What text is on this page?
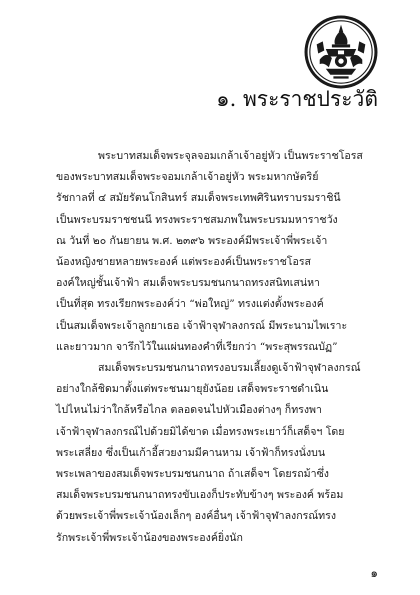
๑. พระราชประวัติ

พระบาทสมเด็จพระจุลจอมเกล้าเจ้าอยู่หัว เป็นพระราชโอรส
ของพระบาทสมเด็จพระจอมเกล้าเจ้าอยู่หัว พระมหากษัตริย์
รัชกาลที่ ๔ สมัยรัตนโกสินทร์ สมเด็จพระเทพศิรินทราบรมราชินี
เป็นพระบรมราชชนนี ทรงพระราชสมภพในพระบรมมหาราชวัง
ณ วันที่ ๒๐ กันยายน พ.ศ. ๒๓๙๖ พระองค์มีพระเจ้าพี่พระเจ้า
น้องหญิงชายหลายพระองค์ แต่พระองค์เป็นพระราชโอรส
องค์ใหญ่ชั้นเจ้าฟ้า สมเด็จพระบรมชนกนาถทรงสนิทเสน่หา
เป็นที่สุด ทรงเรียกพระองค์ว่า “พ่อใหญ่” ทรงแต่งตั้งพระองค์
เป็นสมเด็จพระเจ้าลูกยาเธอ เจ้าฟ้าจุฬาลงกรณ์ มีพระนามไพเราะ
และยาวมาก จารึกไว้ในแผ่นทองคำที่เรียกว่า “พระสุพรรณบัฏ”

สมเด็จพระบรมชนกนาถทรงอบรมเลี้ยงดูเจ้าฟ้าจุฬาลงกรณ์
อย่างใกล้ชิดมาตั้งแต่พระชนมายุยังน้อย เสด็จพระราชดำเนิน
ไปไหนไม่ว่าใกล้หรือไกล ตลอดจนไปหัวเมืองต่างๆ ก็ทรงพา
เจ้าฟ้าจุฬาลงกรณ์ไปด้วยมิได้ขาด เมื่อทรงพระเยาว์ก็เสด็จฯ โดย
พระเสลี่ยง ซึ่งเป็นเก้าอี้สวยงามมีคานหาม เจ้าฟ้าก็ทรงนั่งบน
พระเพลาของสมเด็จพระบรมชนกนาถ ถ้าเสด็จฯ โดยรถม้าซึ่ง
สมเด็จพระบรมชนกนาถทรงขับเองก็ประทับข้างๆ พระองค์ พร้อม
ด้วยพระเจ้าพี่พระเจ้าน้องเล็กๆ องค์อื่นๆ เจ้าฟ้าจุฬาลงกรณ์ทรง
รักพระเจ้าพี่พระเจ้าน้องของพระองค์ยิ่งนัก

๑
